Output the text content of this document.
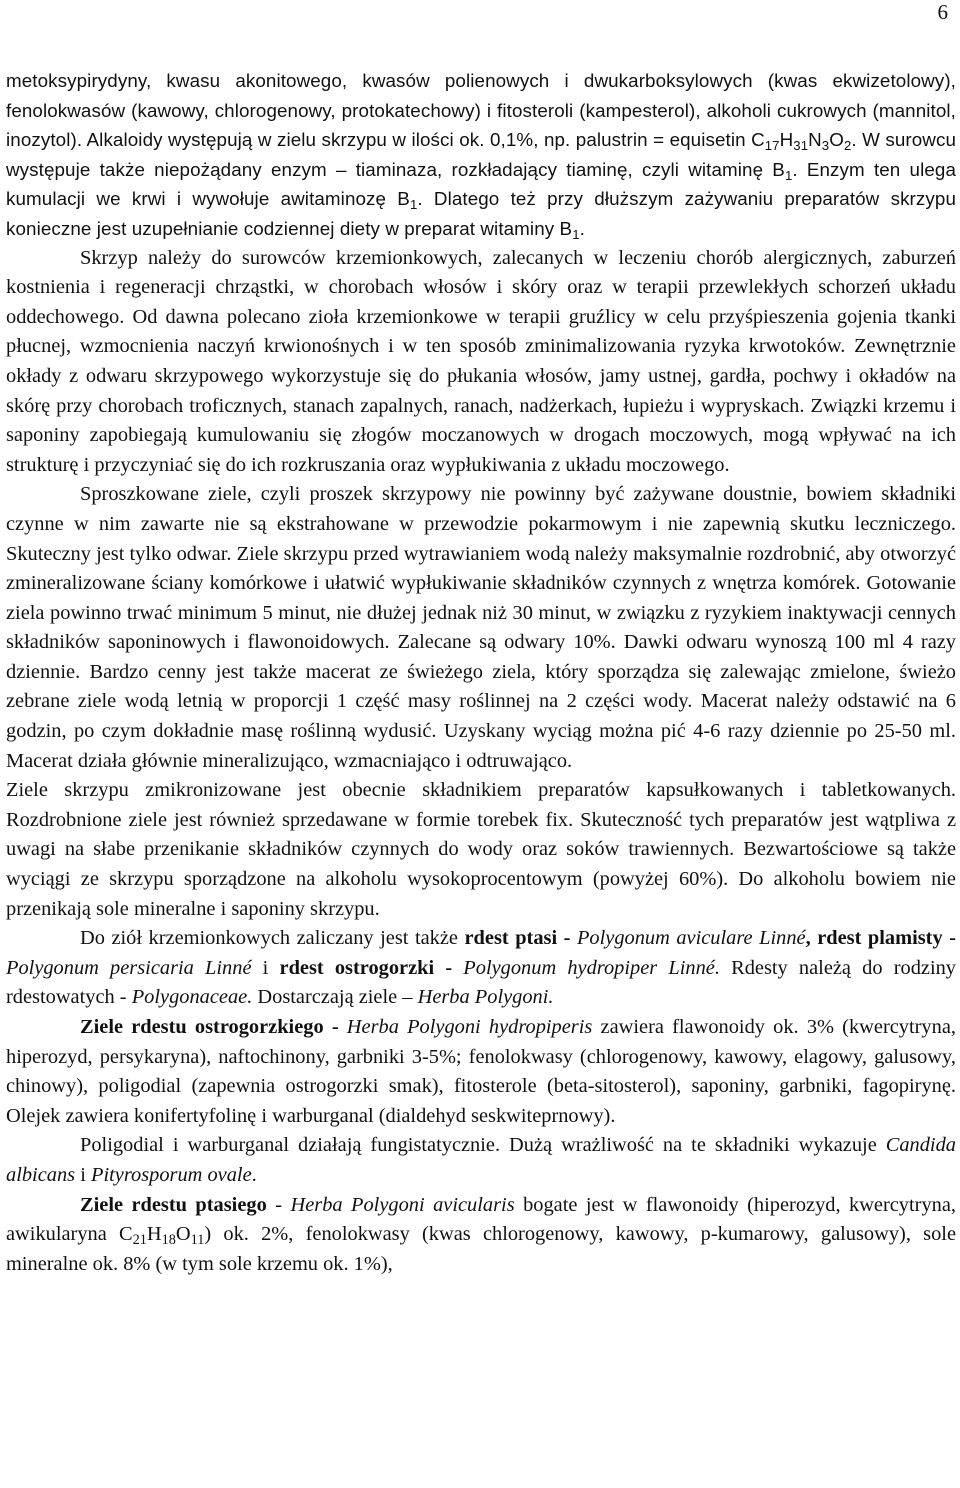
6

metoksypirydyny, kwasu akonitowego, kwasów polienowych i dwukarboksylowych (kwas ekwizetolowy), fenolokwasów (kawowy, chlorogenowy, protokatechowy) i fitosteroli (kampesterol), alkoholi cukrowych (mannitol, inozytol). Alkaloidy występują w zielu skrzypu w ilości ok. 0,1%, np. palustrin = equisetin $C_{17}H_{31}N_3O_2$. W surowcu występuje także niepożądany enzym – tiaminaza, rozkładający tiaminę, czyli witaminę $B_1$. Enzym ten ulega kumulacji we krwi i wywołuje awitaminozę $B_1$. Dlatego też przy dłuższym zażywaniu preparatów skrzypu konieczne jest uzupełnianie codziennej diety w preparat witaminy $B_1$.

Skrzyp należy do surowców krzemionkowych, zalecanych w leczeniu chorób alergicznych, zaburzeń kostnienia i regeneracji chrząstki, w chorobach włosów i skóry oraz w terapii przewlekłych schorzeń układu oddechowego. Od dawna polecano zioła krzemionkowe w terapii gruźlicy w celu przyśpieszenia gojenia tkanki płucnej, wzmocnienia naczyń krwionośnych i w ten sposób zminimalizowania ryzyka krwotoków. Zewnętrznie okłady z odwaru skrzypowego wykorzystuje się do płukania włosów, jamy ustnej, gardła, pochwy i okładów na skórę przy chorobach troficznych, stanach zapalnych, ranach, nadżerkach, łupieżu i wypryskach. Związki krzemu i saponiny zapobiegają kumulowaniu się złogów moczanowych w drogach moczowych, mogą wpływać na ich strukturę i przyczyniać się do ich rozkruszania oraz wypłukiwania z układu moczowego.

Sproszkowane ziele, czyli proszek skrzypowy nie powinny być zażywane doustnie, bowiem składniki czynne w nim zawarte nie są ekstrahowane w przewodzie pokarmowym i nie zapewnią skutku leczniczego. Skuteczny jest tylko odwar. Ziele skrzypu przed wytrawianiem wodą należy maksymalnie rozdrobnić, aby otworzyć zmineralizowane ściany komórkowe i ułatwić wypłukiwanie składników czynnych z wnętrza komórek. Gotowanie ziela powinno trwać minimum 5 minut, nie dłużej jednak niż 30 minut, w związku z ryzykiem inaktywacji cennych składników saponinowych i flawonoidowych. Zalecane są odwary 10%. Dawki odwaru wynoszą 100 ml 4 razy dziennie. Bardzo cenny jest także macerat ze świeżego ziela, który sporządza się zalewając zmielone, świeżo zebrane ziele wodą letnią w proporcji 1 część masy roślinnej na 2 części wody. Macerat należy odstawić na 6 godzin, po czym dokładnie masę roślinną wydusić. Uzyskany wyciąg można pić 4-6 razy dziennie po 25-50 ml. Macerat działa głównie mineralizująco, wzmacniająco i odtruwająco.

Ziele skrzypu zmikronizowane jest obecnie składnikiem preparatów kapsułkowanych i tabletkowanych. Rozdrobnione ziele jest również sprzedawane w formie torebek fix. Skuteczność tych preparatów jest wątpliwa z uwagi na słabe przenikanie składników czynnych do wody oraz soków trawiennych. Bezwartościowe są także wyciągi ze skrzypu sporządzone na alkoholu wysokoprocentowym (powyżej 60%). Do alkoholu bowiem nie przenikają sole mineralne i saponiny skrzypu.

Do ziół krzemionkowych zaliczany jest także rdest ptasi - Polygonum aviculare Linné, rdest plamisty - Polygonum persicaria Linné i rdest ostrogorzki - Polygonum hydropiper Linné. Rdesty należą do rodziny rdestowatych - Polygonaceae. Dostarczają ziele – Herba Polygoni.

Ziele rdestu ostrogorzkiego - Herba Polygoni hydropiperis zawiera flawonoidy ok. 3% (kwercytryna, hiperozyd, persykaryna), naftochinony, garbniki 3-5%; fenolokwasy (chlorogenowy, kawowy, elagowy, galusowy, chinowy), poligodial (zapewnia ostrogorzki smak), fitosterole (beta-sitosterol), saponiny, garbniki, fagopirynę. Olejek zawiera konifertyfolinę i warburganal (dialdehyd seskwiteprnowy).

Poligodial i warburganal działają fungistatycznie. Dużą wrażliwość na te składniki wykazuje Candida albicans i Pityrosporum ovale.

Ziele rdestu ptasiego - Herba Polygoni avicularis bogate jest w flawonoidy (hiperozyd, kwercytryna, awikularyna $C_{21}H_{18}O_{11}$) ok. 2%, fenolokwasy (kwas chlorogenowy, kawowy, p-kumarowy, galusowy), sole mineralne ok. 8% (w tym sole krzemu ok. 1%),
